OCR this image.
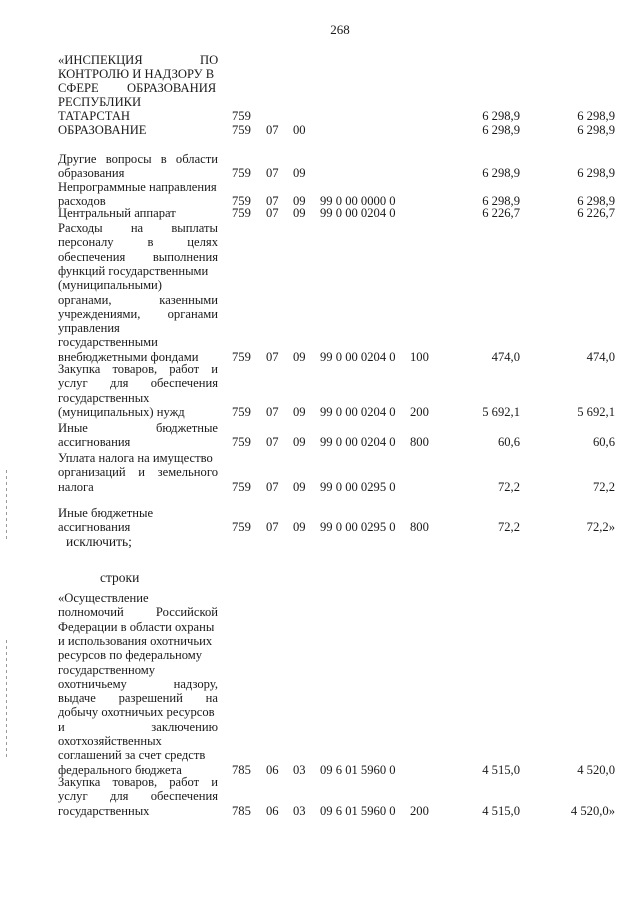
268
«ИНСПЕКЦИЯ	ПО
КОНТРОЛЮ И НАДЗОРУ В
СФЕРЕ ОБРАЗОВАНИЯ
РЕСПУБЛИКИ
ТАТАРСТАН	759	6 298,9	6 298,9
ОБРАЗОВАНИЕ	759 07 00	6 298,9	6 298,9
Другие вопросы в области
образования	759 07 09	6 298,9	6 298,9
Непрограммные направления
расходов	759 07 09 99 0 00 0000 0	6 298,9	6 298,9
Центральный аппарат	759 07 09 99 0 00 0204 0	6 226,7	6 226,7
Расходы на выплаты
персоналу в целях
обеспечения выполнения
функций государственными
(муниципальными)
органами, казенными
учреждениями, органами
управления
государственными
внебюджетными фондами	759 07 09 99 0 00 0204 0 100	474,0	474,0
Закупка товаров, работ и
услуг для обеспечения
государственных
(муниципальных) нужд	759 07 09 99 0 00 0204 0 200	5 692,1	5 692,1
Иные бюджетные
ассигнования	759 07 09 99 0 00 0204 0 800	60,6	60,6
Уплата налога на имущество
организаций и земельного
налога	759 07 09 99 0 00 0295 0	72,2	72,2
Иные бюджетные
ассигнования	759 07 09 99 0 00 0295 0 800	72,2	72,2»
исключить;
строки
«Осуществление
полномочий Российской
Федерации в области охраны
и использования охотничьих
ресурсов по федеральному
государственному
охотничьему надзору,
выдаче разрешений на
добычу охотничьих ресурсов
и заключению
охотхозяйственных
соглашений за счет средств
федерального бюджета	785 06 03 09 6 01 5960 0	4 515,0	4 520,0
Закупка товаров, работ и
услуг для обеспечения
государственных	785 06 03 09 6 01 5960 0 200	4 515,0	4 520,0»
